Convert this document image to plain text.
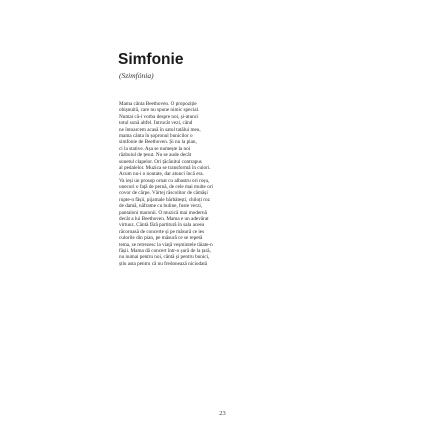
Simfonie
(Szimfónia)
Mama cânta Beethoven. O propoziție
obișnuită, care nu spune nimic special.
Numai că-i vorba despre noi, și-atunci
totul sună altfel. Întrucât vezi, când
ne întoarcem acasă în satul tatălui meu,
mama cânta în șopronul bunicilor o
simfonie de Beethoven. Și nu la pian,
ci la stative. Așa se numește la noi
războiul de țesut. Nu se aude decât
sunetul clapelor. Ori țăcănitul contrapus
al pedalelor. Muzica se transformă în culori.
Acum nu-i o noutate, dar atunci încă era.
Va ieși un prosop ornat cu albastru ori roșu,
unecori o față de pernă, de cele mai multe ori
covor de cârpe. Vârtej răscolitor de cămăși
rupte-n fâșii, pijamale bărbătești, chiloți roz
de damă, năframe cu buline, fuste verzi,
pantaloni maronii. O muzică mai modernă
decât a lui Beethoven. Mama e un adevărat
virtuoz. Cântă fără partitură în sala aceea
răcoroasă de concerte și pe măsură ce ies
culorile din pian, pe măsură ce se repetă
tema, se retrezesc la viață veșmintele tăiate-n
fâșii. Mama dă concert într-o șură de la țară,
nu numai pentru noi, cântă și pentru bunici,
știu asta pentru că nu fredonează niciodată
23
